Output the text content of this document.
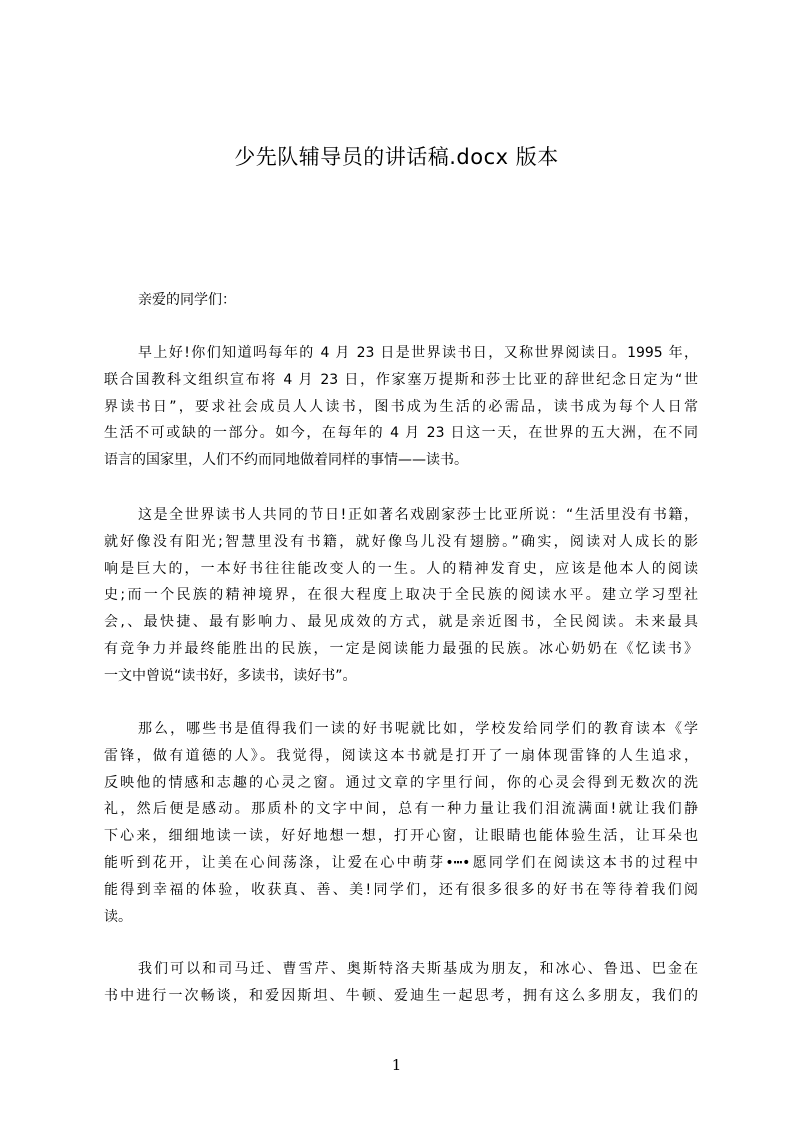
少先队辅导员的讲话稿.docx 版本
亲爱的同学们：
早上好!你们知道吗每年的 4 月 23 日是世界读书日，又称世界阅读日。1995 年，
联合国教科文组织宣布将 4 月 23 日，作家塞万提斯和莎士比亚的辞世纪念日定为“世
界读书日”，要求社会成员人人读书，图书成为生活的必需品，读书成为每个人日常
生活不可或缺的一部分。如今，在每年的 4 月 23 日这一天，在世界的五大洲，在不同
语言的国家里，人们不约而同地做着同样的事情——读书。
这是全世界读书人共同的节日!正如著名戏剧家莎士比亚所说：“生活里没有书籍，
就好像没有阳光;智慧里没有书籍，就好像鸟儿没有翅膀。”确实，阅读对人成长的影
响是巨大的，一本好书往往能改变人的一生。人的精神发育史，应该是他本人的阅读
史;而一个民族的精神境界，在很大程度上取决于全民族的阅读水平。建立学习型社
会,、最快捷、最有影响力、最见成效的方式，就是亲近图书，全民阅读。未来最具
有竞争力并最终能胜出的民族，一定是阅读能力最强的民族。冰心奶奶在《忆读书》
一文中曾说“读书好，多读书，读好书”。
那么，哪些书是值得我们一读的好书呢就比如，学校发给同学们的教育读本《学
雷锋，做有道德的人》。我觉得，阅读这本书就是打开了一扇体现雷锋的人生追求，
反映他的情感和志趣的心灵之窗。通过文章的字里行间，你的心灵会得到无数次的洗
礼，然后便是感动。那质朴的文字中间，总有一种力量让我们泪流满面!就让我们静
下心来，细细地读一读，好好地想一想，打开心窗，让眼睛也能体验生活，让耳朵也
能听到花开，让美在心间荡涤，让爱在心中萌芽•┅•愿同学们在阅读这本书的过程中
能得到幸福的体验，收获真、善、美!同学们，还有很多很多的好书在等待着我们阅
读。
我们可以和司马迁、曹雪芹、奥斯特洛夫斯基成为朋友，和冰心、鲁迅、巴金在
书中进行一次畅谈，和爱因斯坦、牛顿、爱迪生一起思考，拥有这么多朋友，我们的
1
